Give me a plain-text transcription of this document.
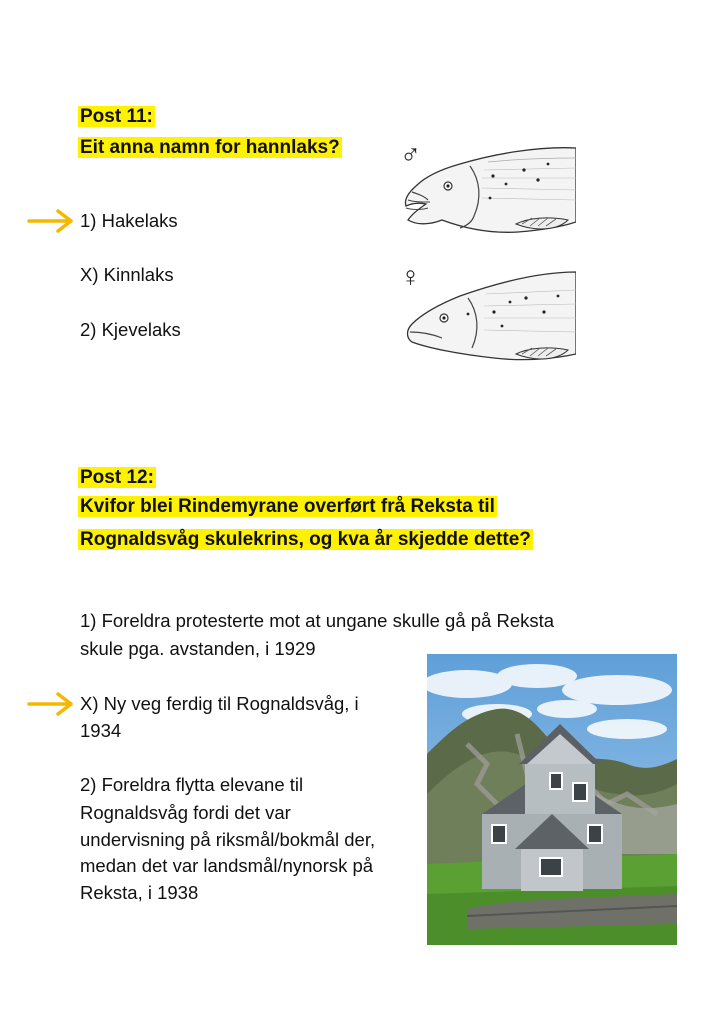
Post 11:
Eit anna namn for hannlaks?
1) Hakelaks
X) Kinnlaks
2) Kjevelaks
♂
♀
Post 12:
Kvifor blei Rindemyrane overført frå Reksta til
Rognaldsvåg skulekrins, og kva år skjedde dette?
1) Foreldra protesterte mot at ungane skulle gå på Reksta
skule pga. avstanden, i 1929
X) Ny veg ferdig til Rognaldsvåg, i
1934
2) Foreldra flytta elevane til
Rognaldsvåg fordi det var
undervisning på riksmål/bokmål der,
medan det var landsmål/nynorsk på
Reksta, i 1938
